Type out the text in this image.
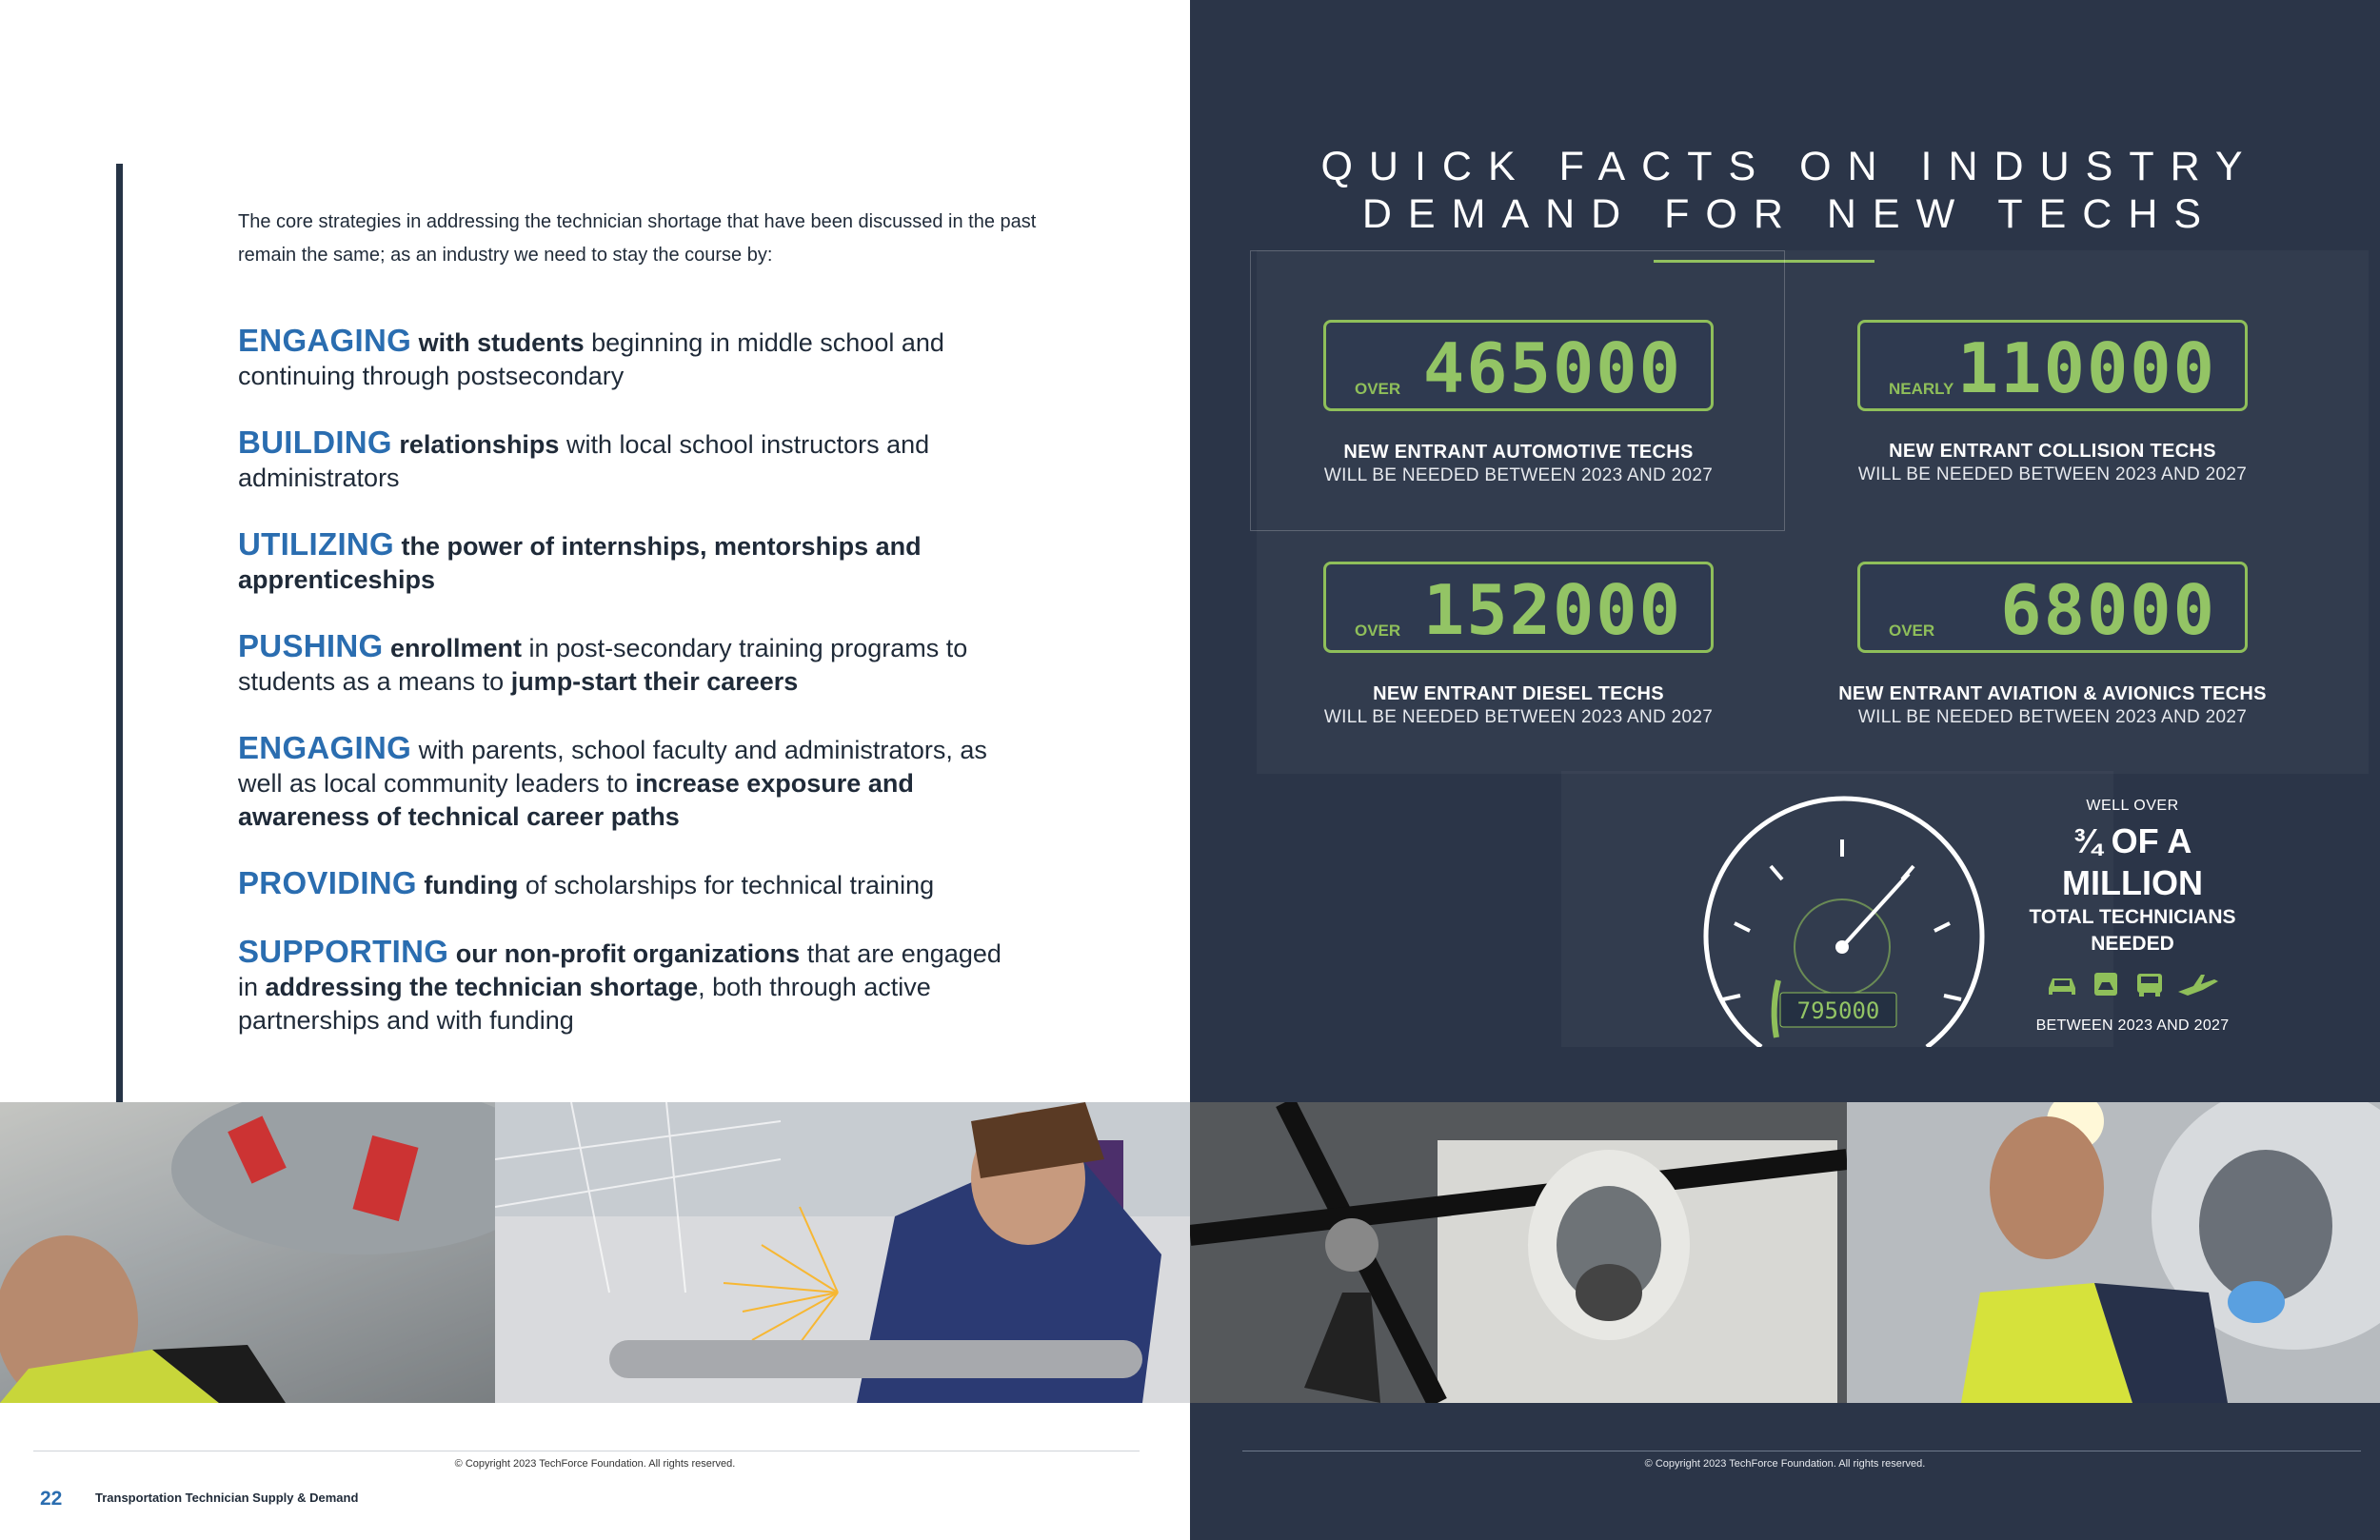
The core strategies in addressing the technician shortage that have been discussed in the past remain the same; as an industry we need to stay the course by:

ENGAGING with students beginning in middle school and continuing through postsecondary

BUILDING relationships with local school instructors and administrators

UTILIZING the power of internships, mentorships and apprenticeships

PUSHING enrollment in post-secondary training programs to students as a means to jump-start their careers

ENGAGING with parents, school faculty and administrators, as well as local community leaders to increase exposure and awareness of technical career paths

PROVIDING funding of scholarships for technical training

SUPPORTING our non-profit organizations that are engaged in addressing the technician shortage, both through active partnerships and with funding

© Copyright 2023 TechForce Foundation. All rights reserved.
22	Transportation Technician Supply & Demand
QUICK FACTS ON INDUSTRY
DEMAND FOR NEW TECHS
OVER 465000
NEW ENTRANT AUTOMOTIVE TECHS
WILL BE NEEDED BETWEEN 2023 AND 2027
NEARLY 110000
NEW ENTRANT COLLISION TECHS
WILL BE NEEDED BETWEEN 2023 AND 2027
OVER 152000
NEW ENTRANT DIESEL TECHS
WILL BE NEEDED BETWEEN 2023 AND 2027
OVER 68000
NEW ENTRANT AVIATION & AVIONICS TECHS
WILL BE NEEDED BETWEEN 2023 AND 2027
795000
WELL OVER
¾ OF A MILLION
TOTAL TECHNICIANS
NEEDED
BETWEEN 2023 AND 2027
© Copyright 2023 TechForce Foundation. All rights reserved.
